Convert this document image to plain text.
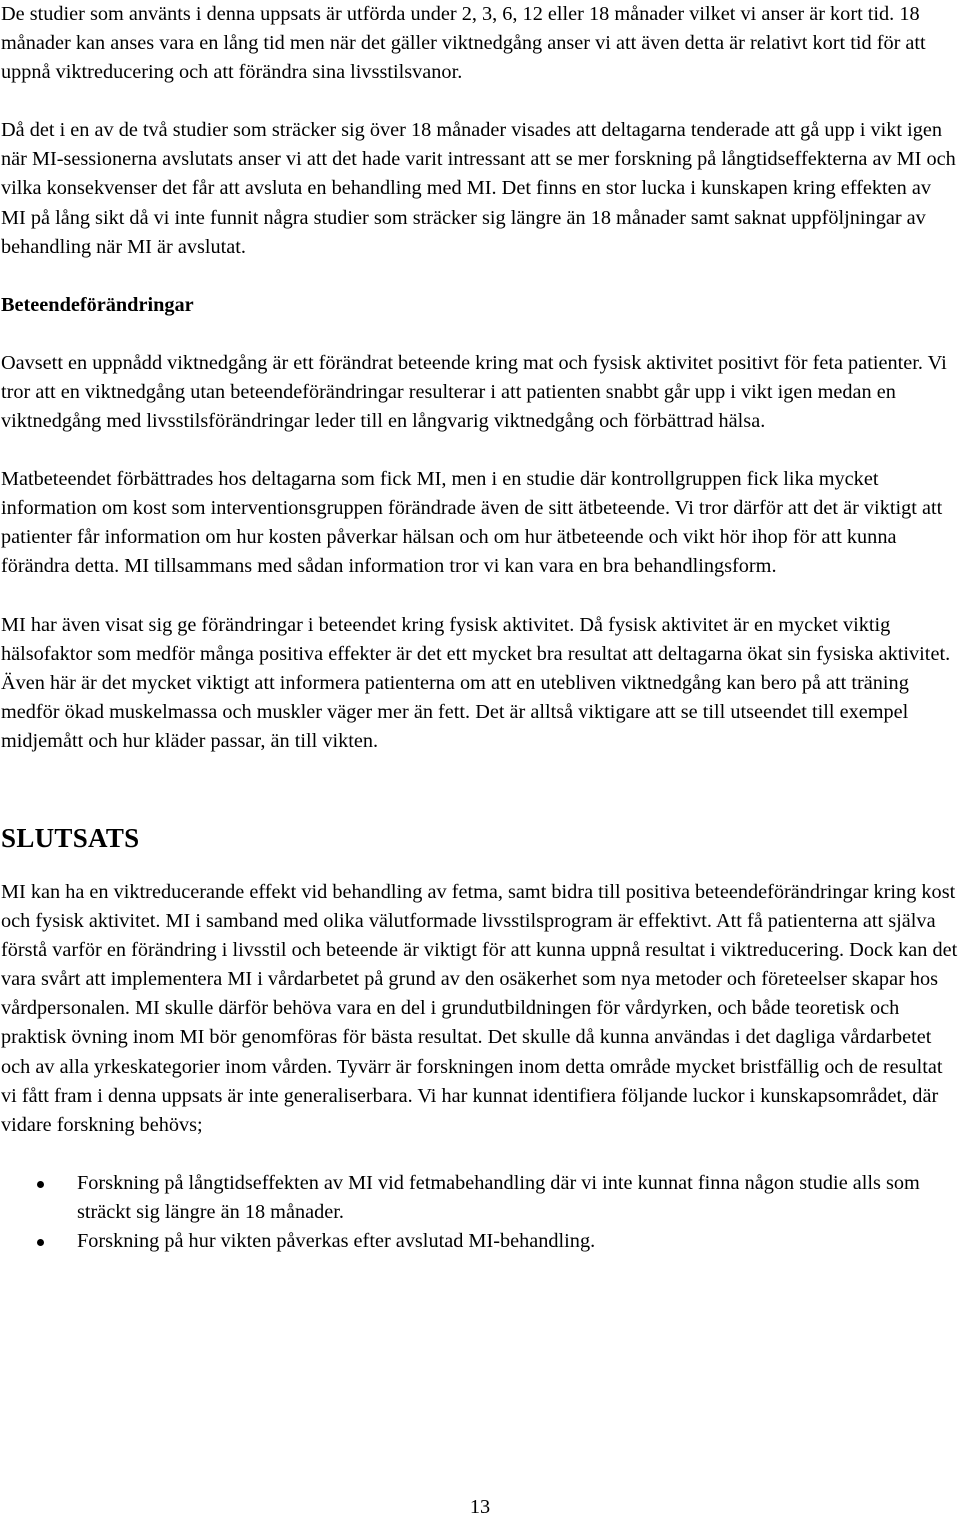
De studier som använts i denna uppsats är utförda under 2, 3, 6, 12 eller 18 månader vilket vi anser är kort tid. 18 månader kan anses vara en lång tid men när det gäller viktnedgång anser vi att även detta är relativt kort tid för att uppnå viktreducering och att förändra sina livsstilsvanor.

Då det i en av de två studier som sträcker sig över 18 månader visades att deltagarna tenderade att gå upp i vikt igen när MI-sessionerna avslutats anser vi att det hade varit intressant att se mer forskning på långtidseffekterna av MI och vilka konsekvenser det får att avsluta en behandling med MI. Det finns en stor lucka i kunskapen kring effekten av MI på lång sikt då vi inte funnit några studier som sträcker sig längre än 18 månader samt saknat uppföljningar av behandling när MI är avslutat.

Beteendeförändringar

Oavsett en uppnådd viktnedgång är ett förändrat beteende kring mat och fysisk aktivitet positivt för feta patienter. Vi tror att en viktnedgång utan beteendeförändringar resulterar i att patienten snabbt går upp i vikt igen medan en viktnedgång med livsstilsförändringar leder till en långvarig viktnedgång och förbättrad hälsa.

Matbeteendet förbättrades hos deltagarna som fick MI, men i en studie där kontrollgruppen fick lika mycket information om kost som interventionsgruppen förändrade även de sitt ätbeteende. Vi tror därför att det är viktigt att patienter får information om hur kosten påverkar hälsan och om hur ätbeteende och vikt hör ihop för att kunna förändra detta. MI tillsammans med sådan information tror vi kan vara en bra behandlingsform.

MI har även visat sig ge förändringar i beteendet kring fysisk aktivitet. Då fysisk aktivitet är en mycket viktig hälsofaktor som medför många positiva effekter är det ett mycket bra resultat att deltagarna ökat sin fysiska aktivitet. Även här är det mycket viktigt att informera patienterna om att en utebliven viktnedgång kan bero på att träning medför ökad muskelmassa och muskler väger mer än fett. Det är alltså viktigare att se till utseendet till exempel midjemått och hur kläder passar, än till vikten.

SLUTSATS

MI kan ha en viktreducerande effekt vid behandling av fetma, samt bidra till positiva beteendeförändringar kring kost och fysisk aktivitet. MI i samband med olika välutformade livsstilsprogram är effektivt. Att få patienterna att själva förstå varför en förändring i livsstil och beteende är viktigt för att kunna uppnå resultat i viktreducering. Dock kan det vara svårt att implementera MI i vårdarbetet på grund av den osäkerhet som nya metoder och företeelser skapar hos vårdpersonalen. MI skulle därför behöva vara en del i grundutbildningen för vårdyrken, och både teoretisk och praktisk övning inom MI bör genomföras för bästa resultat. Det skulle då kunna användas i det dagliga vårdarbetet och av alla yrkeskategorier inom vården. Tyvärr är forskningen inom detta område mycket bristfällig och de resultat vi fått fram i denna uppsats är inte generaliserbara. Vi har kunnat identifiera följande luckor i kunskapsområdet, där vidare forskning behövs;

Forskning på långtidseffekten av MI vid fetmabehandling där vi inte kunnat finna någon studie alls som sträckt sig längre än 18 månader.
Forskning på hur vikten påverkas efter avslutad MI-behandling.
13
